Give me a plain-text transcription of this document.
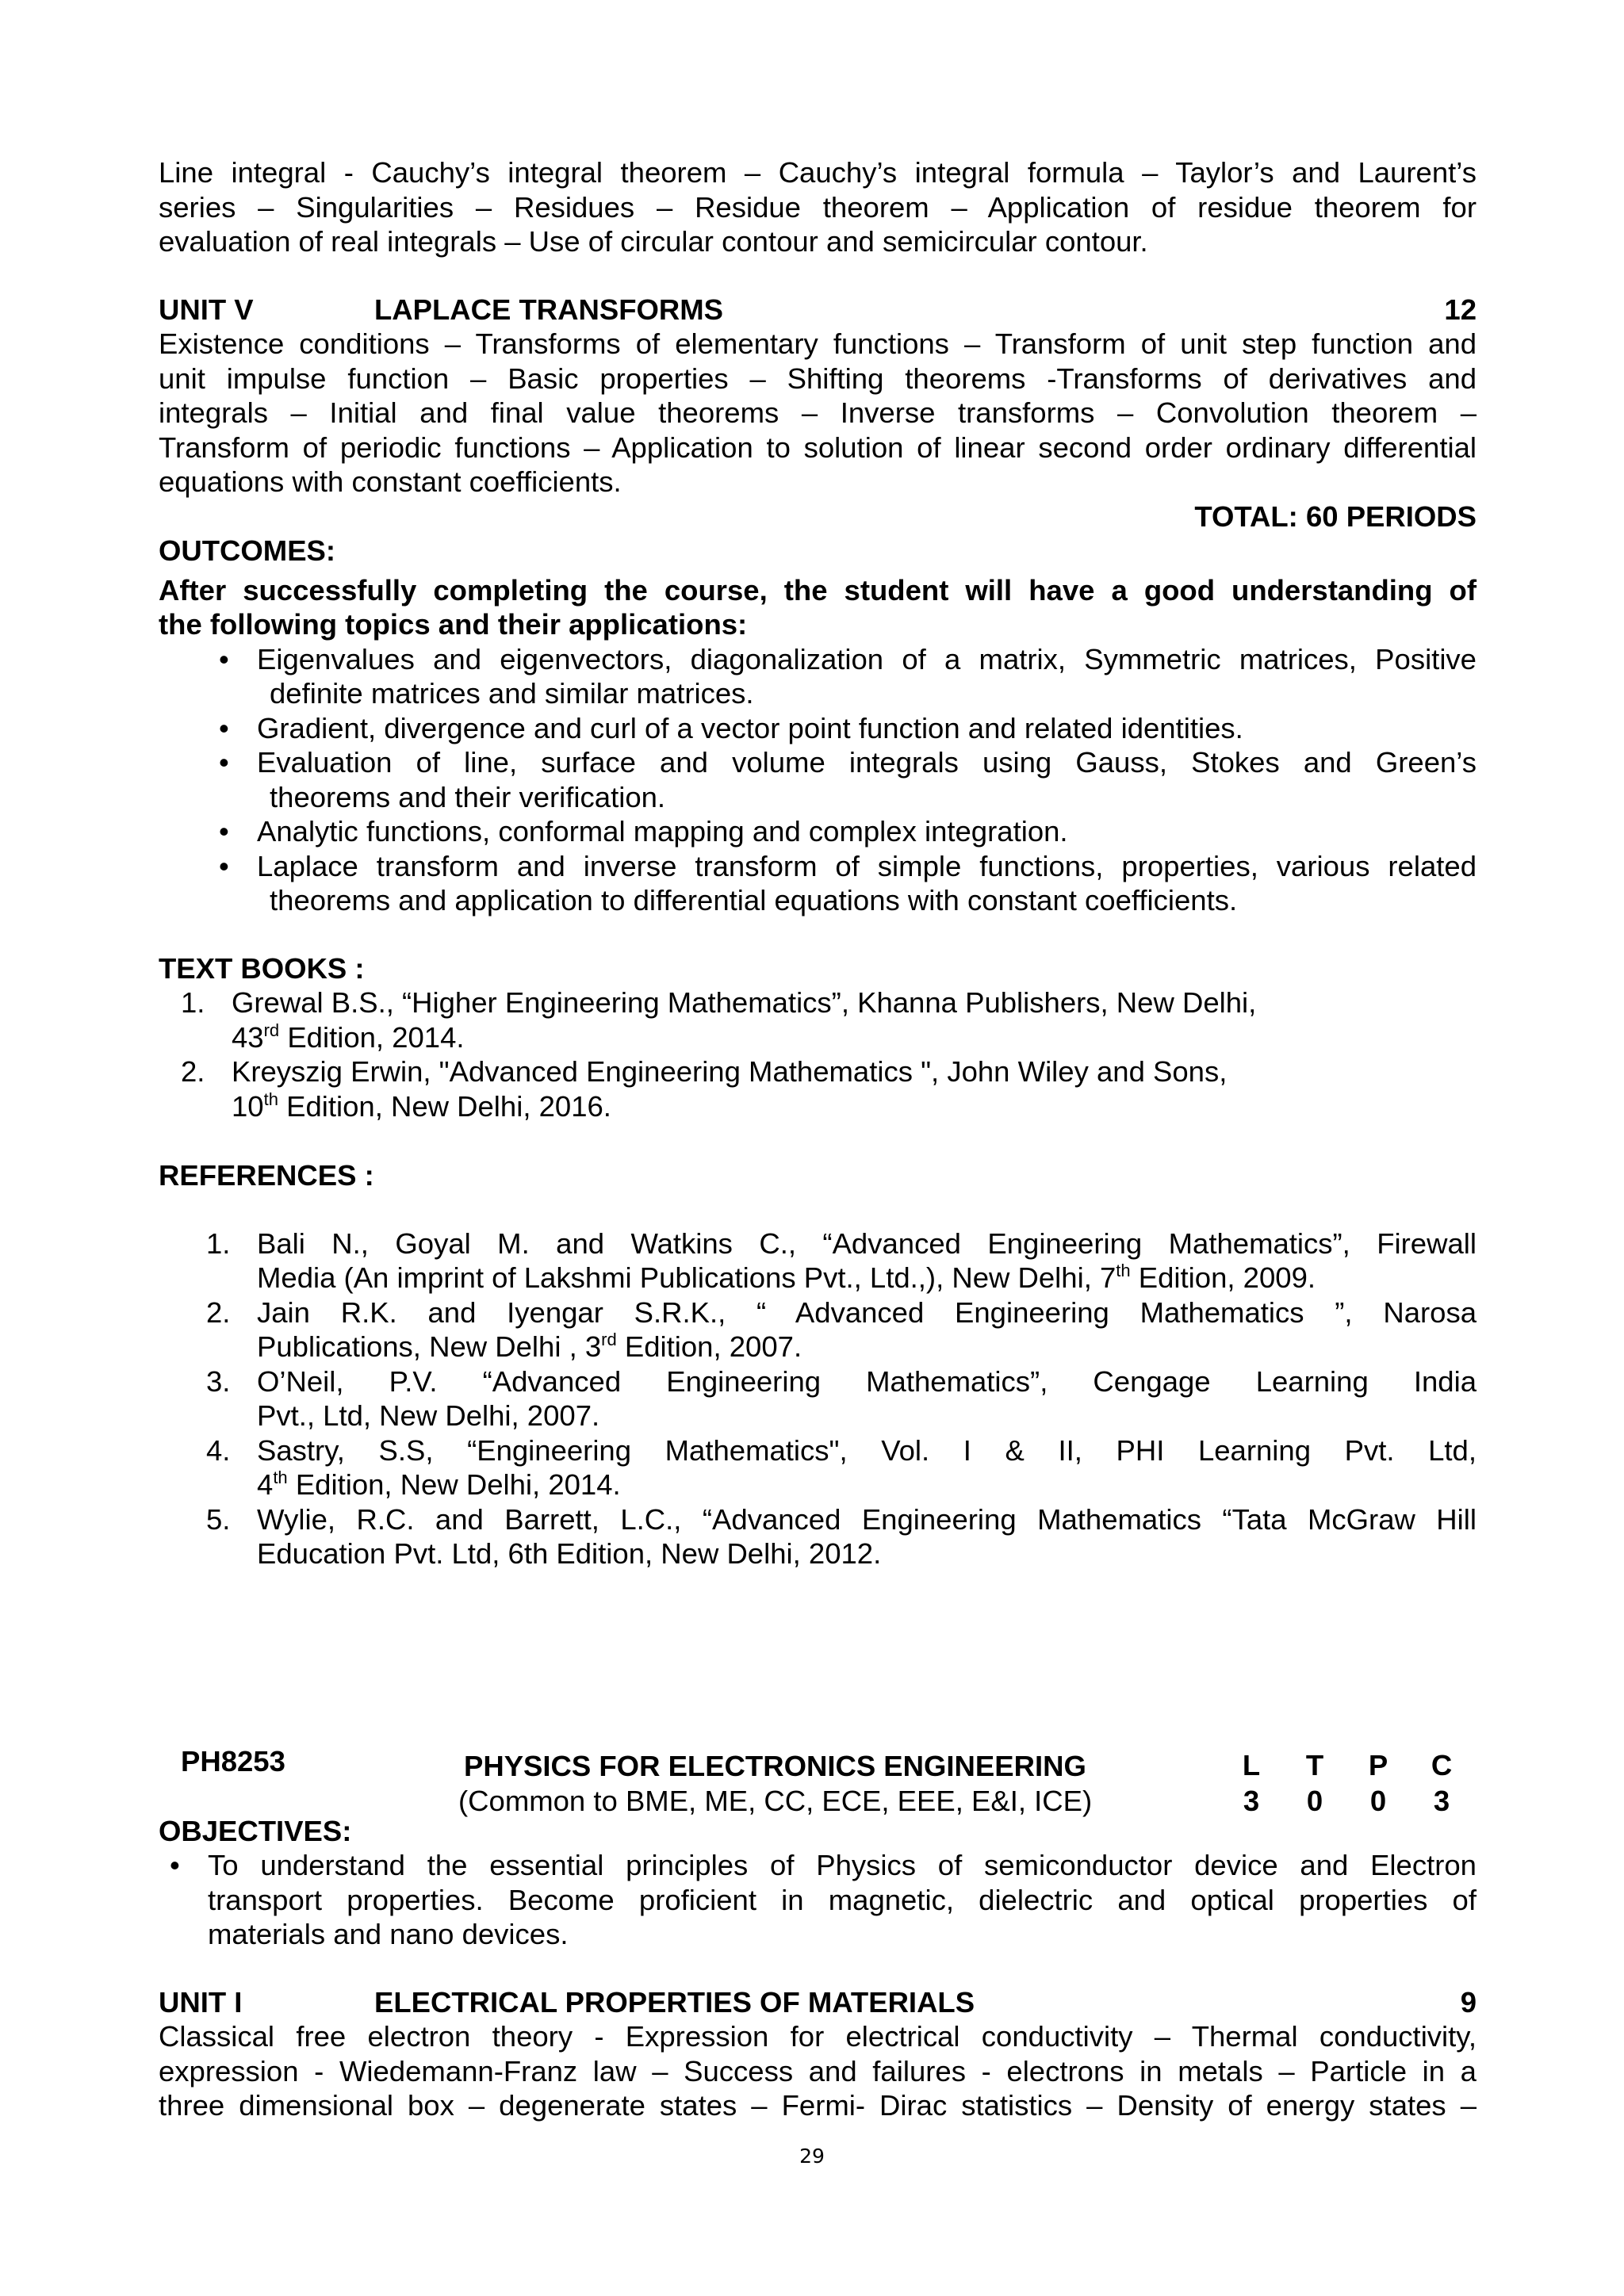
Line integral - Cauchy’s integral theorem – Cauchy’s integral formula – Taylor’s and Laurent’s
series – Singularities – Residues – Residue theorem – Application of residue theorem for
evaluation of real integrals – Use of circular contour and semicircular contour.
UNIT V	LAPLACE TRANSFORMS	12
Existence conditions – Transforms of elementary functions – Transform of unit step function and
unit impulse function – Basic properties – Shifting theorems -Transforms of derivatives and
integrals – Initial and final value theorems – Inverse transforms – Convolution theorem –
Transform of periodic functions – Application to solution of linear second order ordinary differential
equations with constant coefficients.
TOTAL: 60 PERIODS
OUTCOMES:
After successfully completing the course, the student will have a good understanding of
the following topics and their applications:
• Eigenvalues and eigenvectors, diagonalization of a matrix, Symmetric matrices, Positive
definite matrices and similar matrices.
• Gradient, divergence and curl of a vector point function and related identities.
• Evaluation of line, surface and volume integrals using Gauss, Stokes and Green’s
theorems and their verification.
• Analytic functions, conformal mapping and complex integration.
• Laplace transform and inverse transform of simple functions, properties, various related
theorems and application to differential equations with constant coefficients.
TEXT BOOKS :
1. Grewal B.S., “Higher Engineering Mathematics”, Khanna Publishers, New Delhi,
43rd Edition, 2014.
2. Kreyszig Erwin, "Advanced Engineering Mathematics ", John Wiley and Sons,
10th Edition, New Delhi, 2016.
REFERENCES :
1. Bali N., Goyal M. and Watkins C., “Advanced Engineering Mathematics”, Firewall
Media (An imprint of Lakshmi Publications Pvt., Ltd.,), New Delhi, 7th Edition, 2009.
2. Jain R.K. and Iyengar S.R.K., “ Advanced Engineering Mathematics ”, Narosa
Publications, New Delhi , 3rd Edition, 2007.
3. O’Neil, P.V. “Advanced Engineering Mathematics”, Cengage Learning India
Pvt., Ltd, New Delhi, 2007.
4. Sastry, S.S, “Engineering Mathematics", Vol. I & II, PHI Learning Pvt. Ltd,
4th Edition, New Delhi, 2014.
5. Wylie, R.C. and Barrett, L.C., “Advanced Engineering Mathematics “Tata McGraw Hill
Education Pvt. Ltd, 6th Edition, New Delhi, 2012.
PH8253	PHYSICS FOR ELECTRONICS ENGINEERING
(Common to BME, ME, CC, ECE, EEE, E&I, ICE)
L	T	P	C
3	0	0	3
OBJECTIVES:
• To understand the essential principles of Physics of semiconductor device and Electron
transport properties. Become proficient in magnetic, dielectric and optical properties of
materials and nano devices.
UNIT I	ELECTRICAL PROPERTIES OF MATERIALS	9
Classical free electron theory - Expression for electrical conductivity – Thermal conductivity,
expression - Wiedemann-Franz law – Success and failures - electrons in metals – Particle in a
three dimensional box – degenerate states – Fermi- Dirac statistics – Density of energy states –
29
